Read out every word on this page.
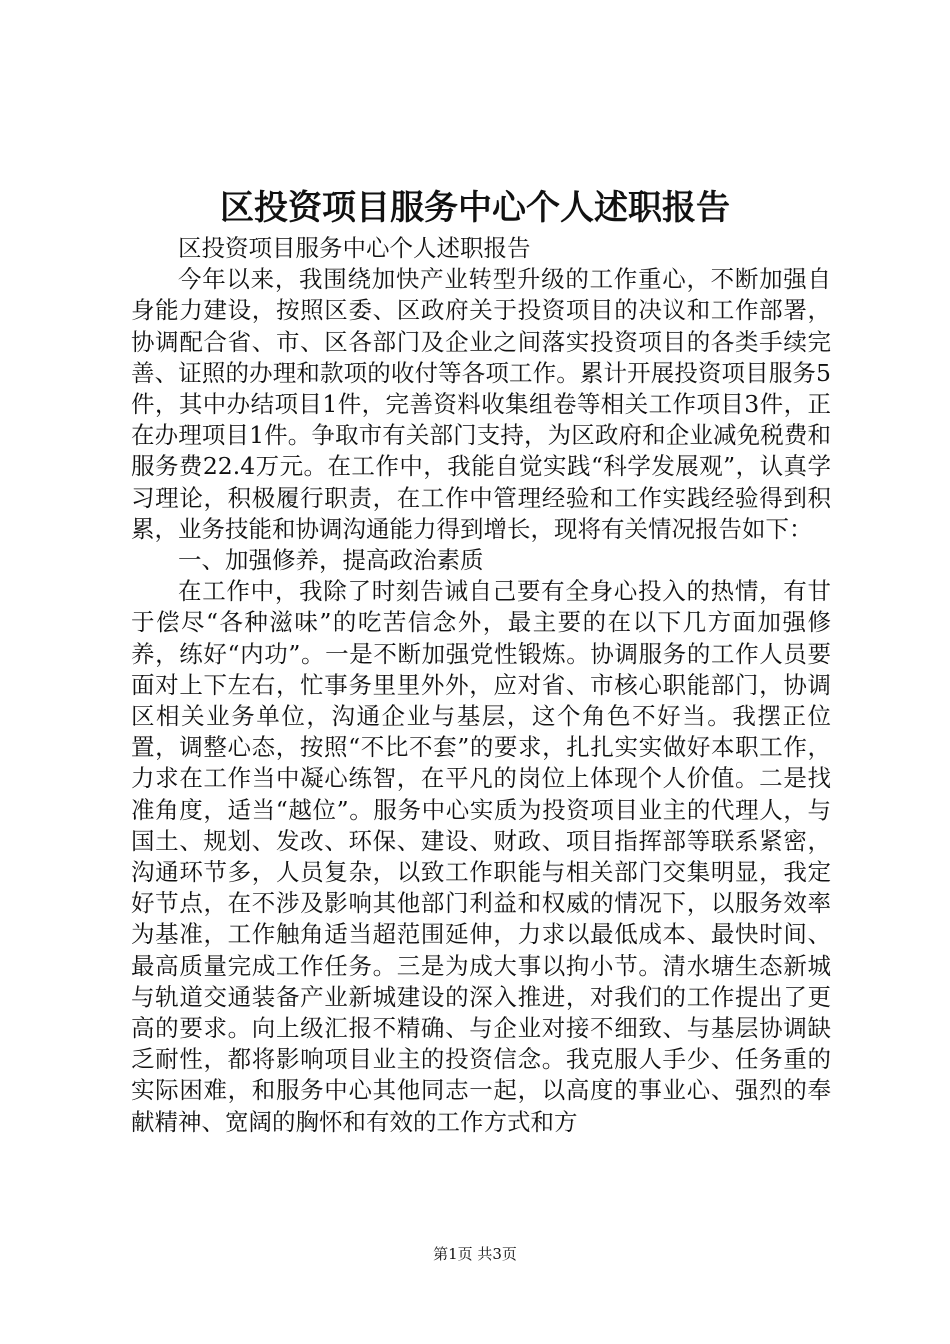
区投资项目服务中心个人述职报告

区投资项目服务中心个人述职报告

今年以来，我围绕加快产业转型升级的工作重心，不断加强自身能力建设，按照区委、区政府关于投资项目的决议和工作部署，协调配合省、市、区各部门及企业之间落实投资项目的各类手续完善、证照的办理和款项的收付等各项工作。累计开展投资项目服务5件，其中办结项目1件，完善资料收集组卷等相关工作项目3件，正在办理项目1件。争取市有关部门支持，为区政府和企业减免税费和服务费22.4万元。在工作中，我能自觉实践“科学发展观”，认真学习理论，积极履行职责，在工作中管理经验和工作实践经验得到积累，业务技能和协调沟通能力得到增长，现将有关情况报告如下：

一、加强修养，提高政治素质

在工作中，我除了时刻告诫自己要有全身心投入的热情，有甘于偿尽“各种滋味”的吃苦信念外，最主要的在以下几方面加强修养，练好“内功”。一是不断加强党性锻炼。协调服务的工作人员要面对上下左右，忙事务里里外外，应对省、市核心职能部门，协调区相关业务单位，沟通企业与基层，这个角色不好当。我摆正位置，调整心态，按照“不比不套”的要求，扎扎实实做好本职工作，力求在工作当中凝心练智，在平凡的岗位上体现个人价值。二是找准角度，适当“越位”。服务中心实质为投资项目业主的代理人，与国土、规划、发改、环保、建设、财政、项目指挥部等联系紧密，沟通环节多，人员复杂，以致工作职能与相关部门交集明显，我定好节点，在不涉及影响其他部门利益和权威的情况下，以服务效率为基准，工作触角适当超范围延伸，力求以最低成本、最快时间、最高质量完成工作任务。三是为成大事以拘小节。清水塘生态新城与轨道交通装备产业新城建设的深入推进，对我们的工作提出了更高的要求。向上级汇报不精确、与企业对接不细致、与基层协调缺乏耐性，都将影响项目业主的投资信念。我克服人手少、任务重的实际困难，和服务中心其他同志一起，以高度的事业心、强烈的奉献精神、宽阔的胸怀和有效的工作方式和方

第1页 共3页
